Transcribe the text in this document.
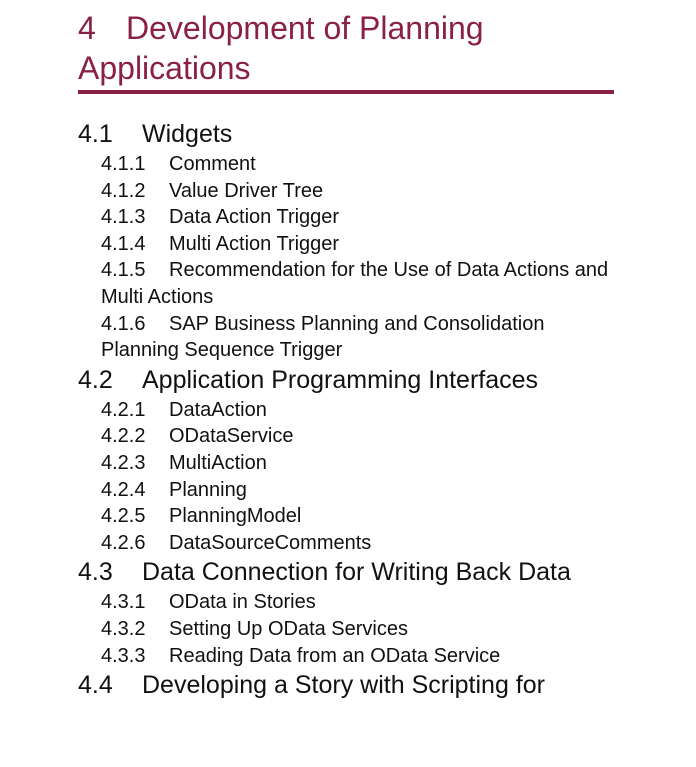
4 Development of Planning Applications
4.1 Widgets
4.1.1 Comment
4.1.2 Value Driver Tree
4.1.3 Data Action Trigger
4.1.4 Multi Action Trigger
4.1.5 Recommendation for the Use of Data Actions and Multi Actions
4.1.6 SAP Business Planning and Consolidation Planning Sequence Trigger
4.2 Application Programming Interfaces
4.2.1 DataAction
4.2.2 ODataService
4.2.3 MultiAction
4.2.4 Planning
4.2.5 PlanningModel
4.2.6 DataSourceComments
4.3 Data Connection for Writing Back Data
4.3.1 OData in Stories
4.3.2 Setting Up OData Services
4.3.3 Reading Data from an OData Service
4.4 Developing a Story with Scripting for
